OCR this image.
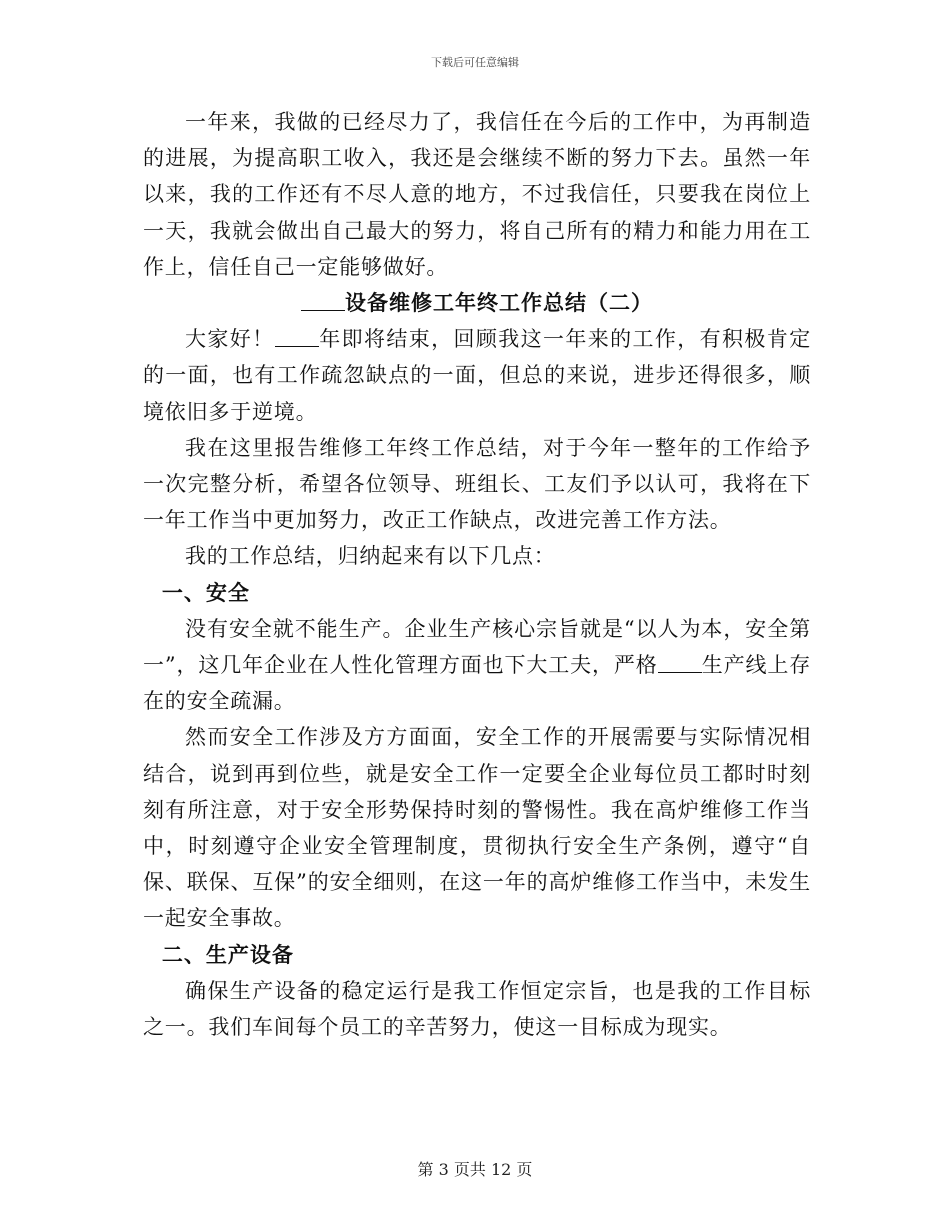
下载后可任意编辑

一年来，我做的已经尽力了，我信任在今后的工作中，为再制造的进展，为提高职工收入，我还是会继续不断的努力下去。虽然一年以来，我的工作还有不尽人意的地方，不过我信任，只要我在岗位上一天，我就会做出自己最大的努力，将自己所有的精力和能力用在工作上，信任自己一定能够做好。

设备维修工年终工作总结（二）

大家好！ 年即将结束，回顾我这一年来的工作，有积极肯定的一面，也有工作疏忽缺点的一面，但总的来说，进步还得很多，顺境依旧多于逆境。

我在这里报告维修工年终工作总结，对于今年一整年的工作给予一次完整分析，希望各位领导、班组长、工友们予以认可，我将在下一年工作当中更加努力，改正工作缺点，改进完善工作方法。

我的工作总结，归纳起来有以下几点：

一、安全

没有安全就不能生产。企业生产核心宗旨就是“以人为本，安全第一”，这几年企业在人性化管理方面也下大工夫，严格 生产线上存在的安全疏漏。

然而安全工作涉及方方面面，安全工作的开展需要与实际情况相结合，说到再到位些，就是安全工作一定要全企业每位员工都时时刻刻有所注意，对于安全形势保持时刻的警惕性。我在高炉维修工作当中，时刻遵守企业安全管理制度，贯彻执行安全生产条例，遵守“自保、联保、互保”的安全细则，在这一年的高炉维修工作当中，未发生一起安全事故。

二、生产设备

确保生产设备的稳定运行是我工作恒定宗旨，也是我的工作目标之一。我们车间每个员工的辛苦努力，使这一目标成为现实。

第 3 页共 12 页
